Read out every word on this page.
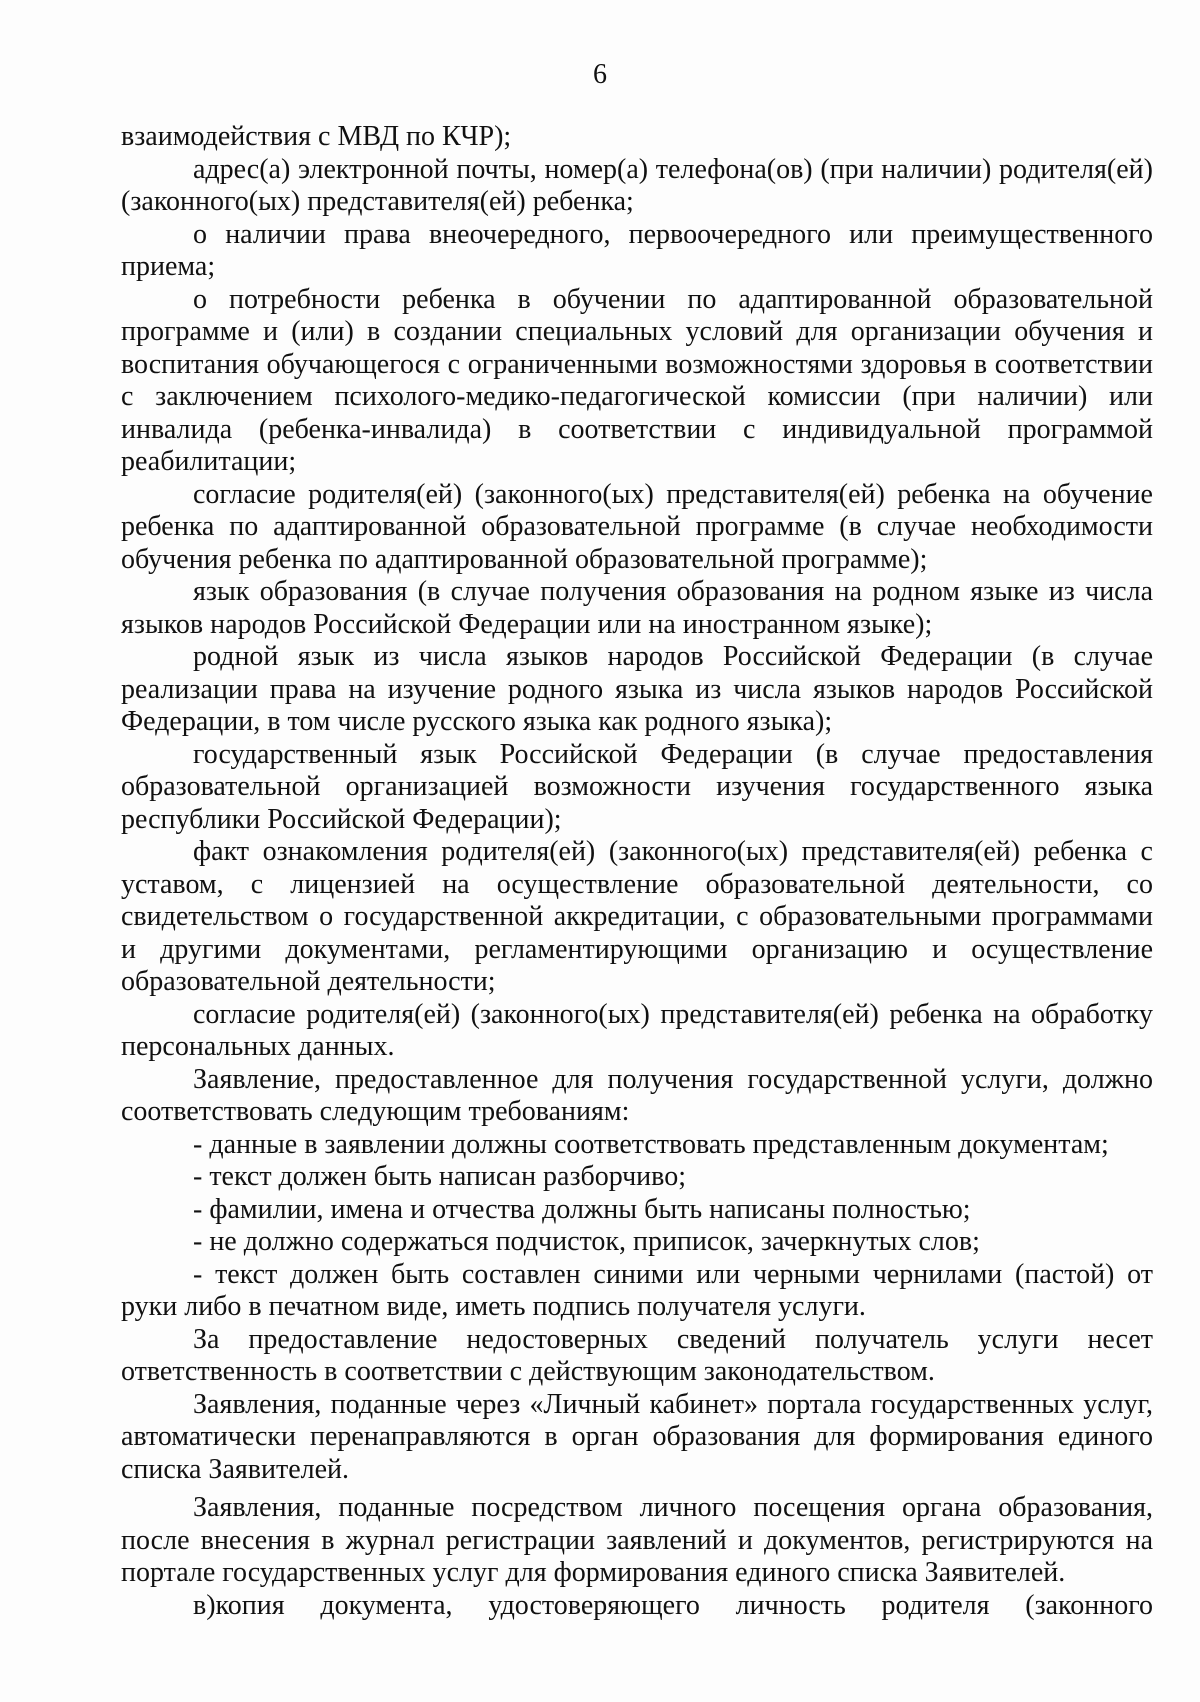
6

взаимодействия с МВД по КЧР);

адрес(а) электронной почты, номер(а) телефона(ов) (при наличии) родителя(ей) (законного(ых) представителя(ей) ребенка;

о наличии права внеочередного, первоочередного или преимущественного приема;

о потребности ребенка в обучении по адаптированной образовательной программе и (или) в создании специальных условий для организации обучения и воспитания обучающегося с ограниченными возможностями здоровья в соответствии с заключением психолого-медико-педагогической комиссии (при наличии) или инвалида (ребенка-инвалида) в соответствии с индивидуальной программой реабилитации;

согласие родителя(ей) (законного(ых) представителя(ей) ребенка на обучение ребенка по адаптированной образовательной программе (в случае необходимости обучения ребенка по адаптированной образовательной программе);

язык образования (в случае получения образования на родном языке из числа языков народов Российской Федерации или на иностранном языке);

родной язык из числа языков народов Российской Федерации (в случае реализации права на изучение родного языка из числа языков народов Российской Федерации, в том числе русского языка как родного языка);

государственный язык Российской Федерации (в случае предоставления образовательной организацией возможности изучения государственного языка республики Российской Федерации);

факт ознакомления родителя(ей) (законного(ых) представителя(ей) ребенка с уставом, с лицензией на осуществление образовательной деятельности, со свидетельством о государственной аккредитации, с образовательными программами и другими документами, регламентирующими организацию и осуществление образовательной деятельности;

согласие родителя(ей) (законного(ых) представителя(ей) ребенка на обработку персональных данных.

Заявление, предоставленное для получения государственной услуги, должно соответствовать следующим требованиям:

- данные в заявлении должны соответствовать представленным документам;

- текст должен быть написан разборчиво;

- фамилии, имена и отчества должны быть написаны полностью;

- не должно содержаться подчисток, приписок, зачеркнутых слов;

- текст должен быть составлен синими или черными чернилами (пастой) от руки либо в печатном виде, иметь подпись получателя услуги.

За предоставление недостоверных сведений получатель услуги несет ответственность в соответствии с действующим законодательством.

Заявления, поданные через «Личный кабинет» портала государственных услуг, автоматически перенаправляются в орган образования для формирования единого списка Заявителей.

Заявления, поданные посредством личного посещения органа образования, после внесения в журнал регистрации заявлений и документов, регистрируются на портале государственных услуг для формирования единого списка Заявителей.

в)копия документа, удостоверяющего личность родителя (законного
